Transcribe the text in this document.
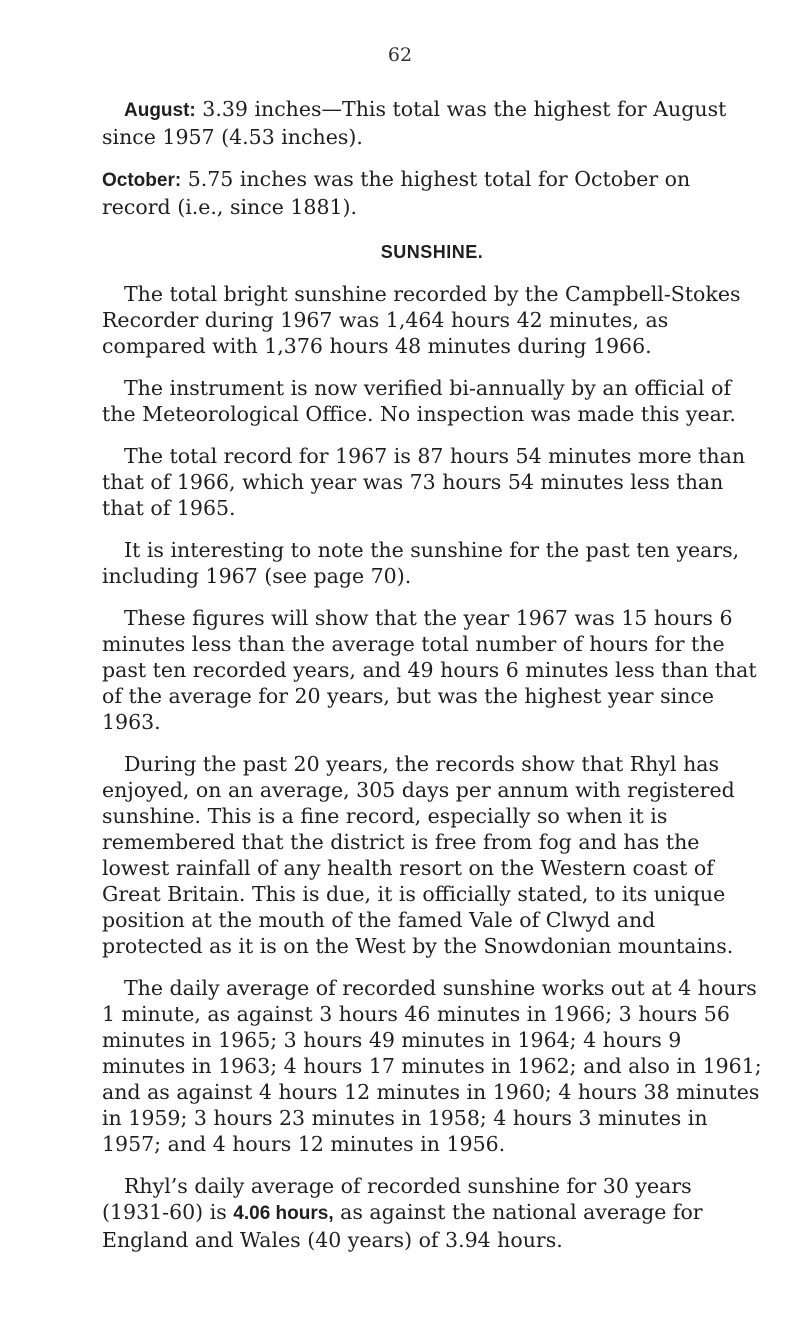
62

August: 3.39 inches—This total was the highest for August since 1957 (4.53 inches).

October: 5.75 inches was the highest total for October on record (i.e., since 1881).

SUNSHINE.

The total bright sunshine recorded by the Campbell-Stokes Recorder during 1967 was 1,464 hours 42 minutes, as compared with 1,376 hours 48 minutes during 1966.

The instrument is now verified bi-annually by an official of the Meteorological Office. No inspection was made this year.

The total record for 1967 is 87 hours 54 minutes more than that of 1966, which year was 73 hours 54 minutes less than that of 1965.

It is interesting to note the sunshine for the past ten years, including 1967 (see page 70).

These figures will show that the year 1967 was 15 hours 6 minutes less than the average total number of hours for the past ten recorded years, and 49 hours 6 minutes less than that of the average for 20 years, but was the highest year since 1963.

During the past 20 years, the records show that Rhyl has enjoyed, on an average, 305 days per annum with registered sunshine. This is a fine record, especially so when it is remembered that the district is free from fog and has the lowest rainfall of any health resort on the Western coast of Great Britain. This is due, it is officially stated, to its unique position at the mouth of the famed Vale of Clwyd and protected as it is on the West by the Snowdonian mountains.

The daily average of recorded sunshine works out at 4 hours 1 minute, as against 3 hours 46 minutes in 1966; 3 hours 56 minutes in 1965; 3 hours 49 minutes in 1964; 4 hours 9 minutes in 1963; 4 hours 17 minutes in 1962; and also in 1961; and as against 4 hours 12 minutes in 1960; 4 hours 38 minutes in 1959; 3 hours 23 minutes in 1958; 4 hours 3 minutes in 1957; and 4 hours 12 minutes in 1956.

Rhyl’s daily average of recorded sunshine for 30 years (1931-60) is 4.06 hours, as against the national average for England and Wales (40 years) of 3.94 hours.
